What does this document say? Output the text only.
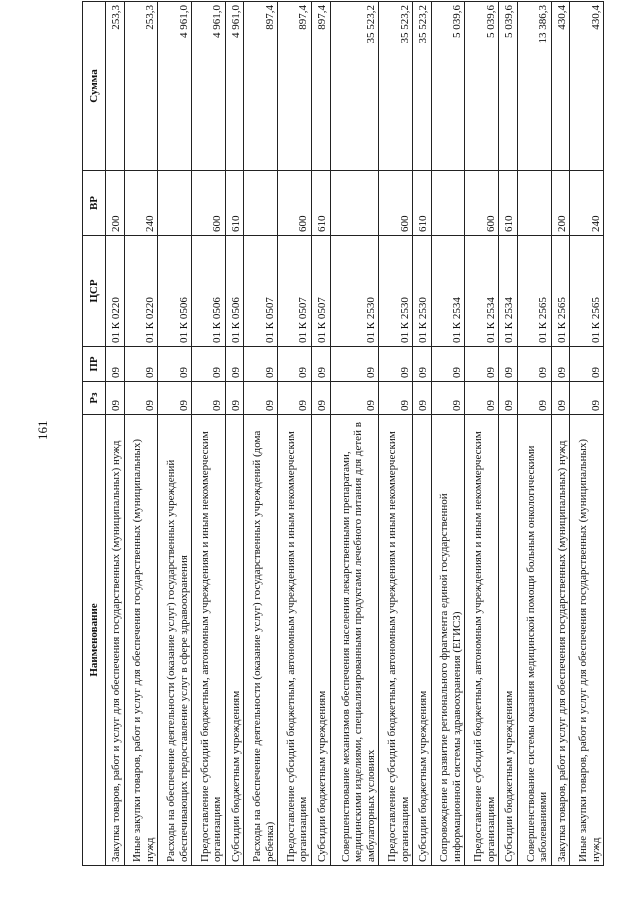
161
Наименование	Рз	ПР	ЦСР	ВР	Сумма
Закупка товаров, работ и услуг для обеспечения государственных (муниципальных) нужд	09	09	01 К 0220	200	253,3
Иные закупки товаров, работ и услуг для обеспечения государственных (муниципальных) нужд	09	09	01 К 0220	240	253,3
Расходы на обеспечение деятельности (оказание услуг) государственных учреждений обеспечивающих предоставление услуг в сфере здравоохранения	09	09	01 К 0506		4 961,0
Предоставление субсидий бюджетным, автономным учреждениям и иным некоммерческим организациям	09	09	01 К 0506	600	4 961,0
Субсидии бюджетным учреждениям	09	09	01 К 0506	610	4 961,0
Расходы на обеспечение деятельности (оказание услуг) государственных учреждений (дома ребенка)	09	09	01 К 0507		897,4
Предоставление субсидий бюджетным, автономным учреждениям и иным некоммерческим организациям	09	09	01 К 0507	600	897,4
Субсидии бюджетным учреждениям	09	09	01 К 0507	610	897,4
Совершенствование механизмов обеспечения населения лекарственными препаратами, медицинскими изделиями, специализированными продуктами лечебного питания для детей в амбулаторных условиях	09	09	01 К 2530		35 523,2
Предоставление субсидий бюджетным, автономным учреждениям и иным некоммерческим организациям	09	09	01 К 2530	600	35 523,2
Субсидии бюджетным учреждениям	09	09	01 К 2530	610	35 523,2
Сопровождение и развитие регионального фрагмента единой государственной информационной системы здравоохранения (ЕГИСЗ)	09	09	01 К 2534		5 039,6
Предоставление субсидий бюджетным, автономным учреждениям и иным некоммерческим организациям	09	09	01 К 2534	600	5 039,6
Субсидии бюджетным учреждениям	09	09	01 К 2534	610	5 039,6
Совершенствование системы оказания медицинской помощи больным онкологическими заболеваниями	09	09	01 К 2565		13 386,3
Закупка товаров, работ и услуг для обеспечения государственных (муниципальных) нужд	09	09	01 К 2565	200	430,4
Иные закупки товаров, работ и услуг для обеспечения государственных (муниципальных) нужд	09	09	01 К 2565	240	430,4
